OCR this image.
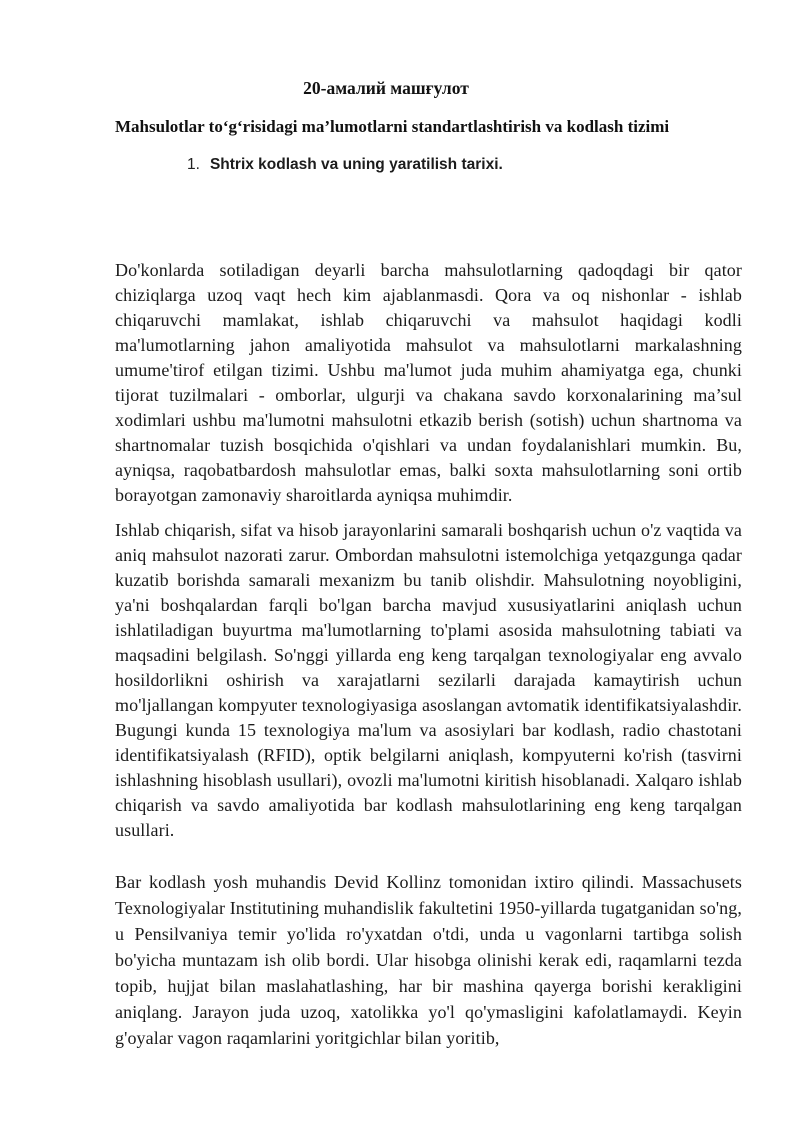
20-амалий машғулот
Mahsulotlar to‘g‘risidagi ma’lumotlarni standartlashtirish va kodlash tizimi
1. Shtrix kodlash va uning yaratilish tarixi.

Do'konlarda sotiladigan deyarli barcha mahsulotlarning qadoqdagi bir qator chiziqlarga uzoq vaqt hech kim ajablanmasdi. Qora va oq nishonlar - ishlab chiqaruvchi mamlakat, ishlab chiqaruvchi va mahsulot haqidagi kodli ma'lumotlarning jahon amaliyotida mahsulot va mahsulotlarni markalashning umume'tirof etilgan tizimi. Ushbu ma'lumot juda muhim ahamiyatga ega, chunki tijorat tuzilmalari - omborlar, ulgurji va chakana savdo korxonalarining ma’sul xodimlari ushbu ma'lumotni mahsulotni etkazib berish (sotish) uchun shartnoma va shartnomalar tuzish bosqichida o'qishlari va undan foydalanishlari mumkin. Bu, ayniqsa, raqobatbardosh mahsulotlar emas, balki soxta mahsulotlarning soni ortib borayotgan zamonaviy sharoitlarda ayniqsa muhimdir.

Ishlab chiqarish, sifat va hisob jarayonlarini samarali boshqarish uchun o'z vaqtida va aniq mahsulot nazorati zarur. Ombordan mahsulotni istemolchiga yetqazgunga qadar kuzatib borishda samarali mexanizm bu tanib olishdir. Mahsulotning noyobligini, ya'ni boshqalardan farqli bo'lgan barcha mavjud xususiyatlarini aniqlash uchun ishlatiladigan buyurtma ma'lumotlarning to'plami asosida mahsulotning tabiati va maqsadini belgilash. So'nggi yillarda eng keng tarqalgan texnologiyalar eng avvalo hosildorlikni oshirish va xarajatlarni sezilarli darajada kamaytirish uchun mo'ljallangan kompyuter texnologiyasiga asoslangan avtomatik identifikatsiyalashdir. Bugungi kunda 15 texnologiya ma'lum va asosiylari bar kodlash, radio chastotani identifikatsiyalash (RFID), optik belgilarni aniqlash, kompyuterni ko'rish (tasvirni ishlashning hisoblash usullari), ovozli ma'lumotni kiritish hisoblanadi. Xalqaro ishlab chiqarish va savdo amaliyotida bar kodlash mahsulotlarining eng keng tarqalgan usullari.

Bar kodlash yosh muhandis Devid Kollinz tomonidan ixtiro qilindi. Massachusets Texnologiyalar Institutining muhandislik fakultetini 1950-yillarda tugatganidan so'ng, u Pensilvaniya temir yo'lida ro'yxatdan o'tdi, unda u vagonlarni tartibga solish bo'yicha muntazam ish olib bordi. Ular hisobga olinishi kerak edi, raqamlarni tezda topib, hujjat bilan maslahatlashing, har bir mashina qayerga borishi kerakligini aniqlang. Jarayon juda uzoq, xatolikka yo'l qo'ymasligini kafolatlamaydi. Keyin g'oyalar vagon raqamlarini yoritgichlar bilan yoritib,
